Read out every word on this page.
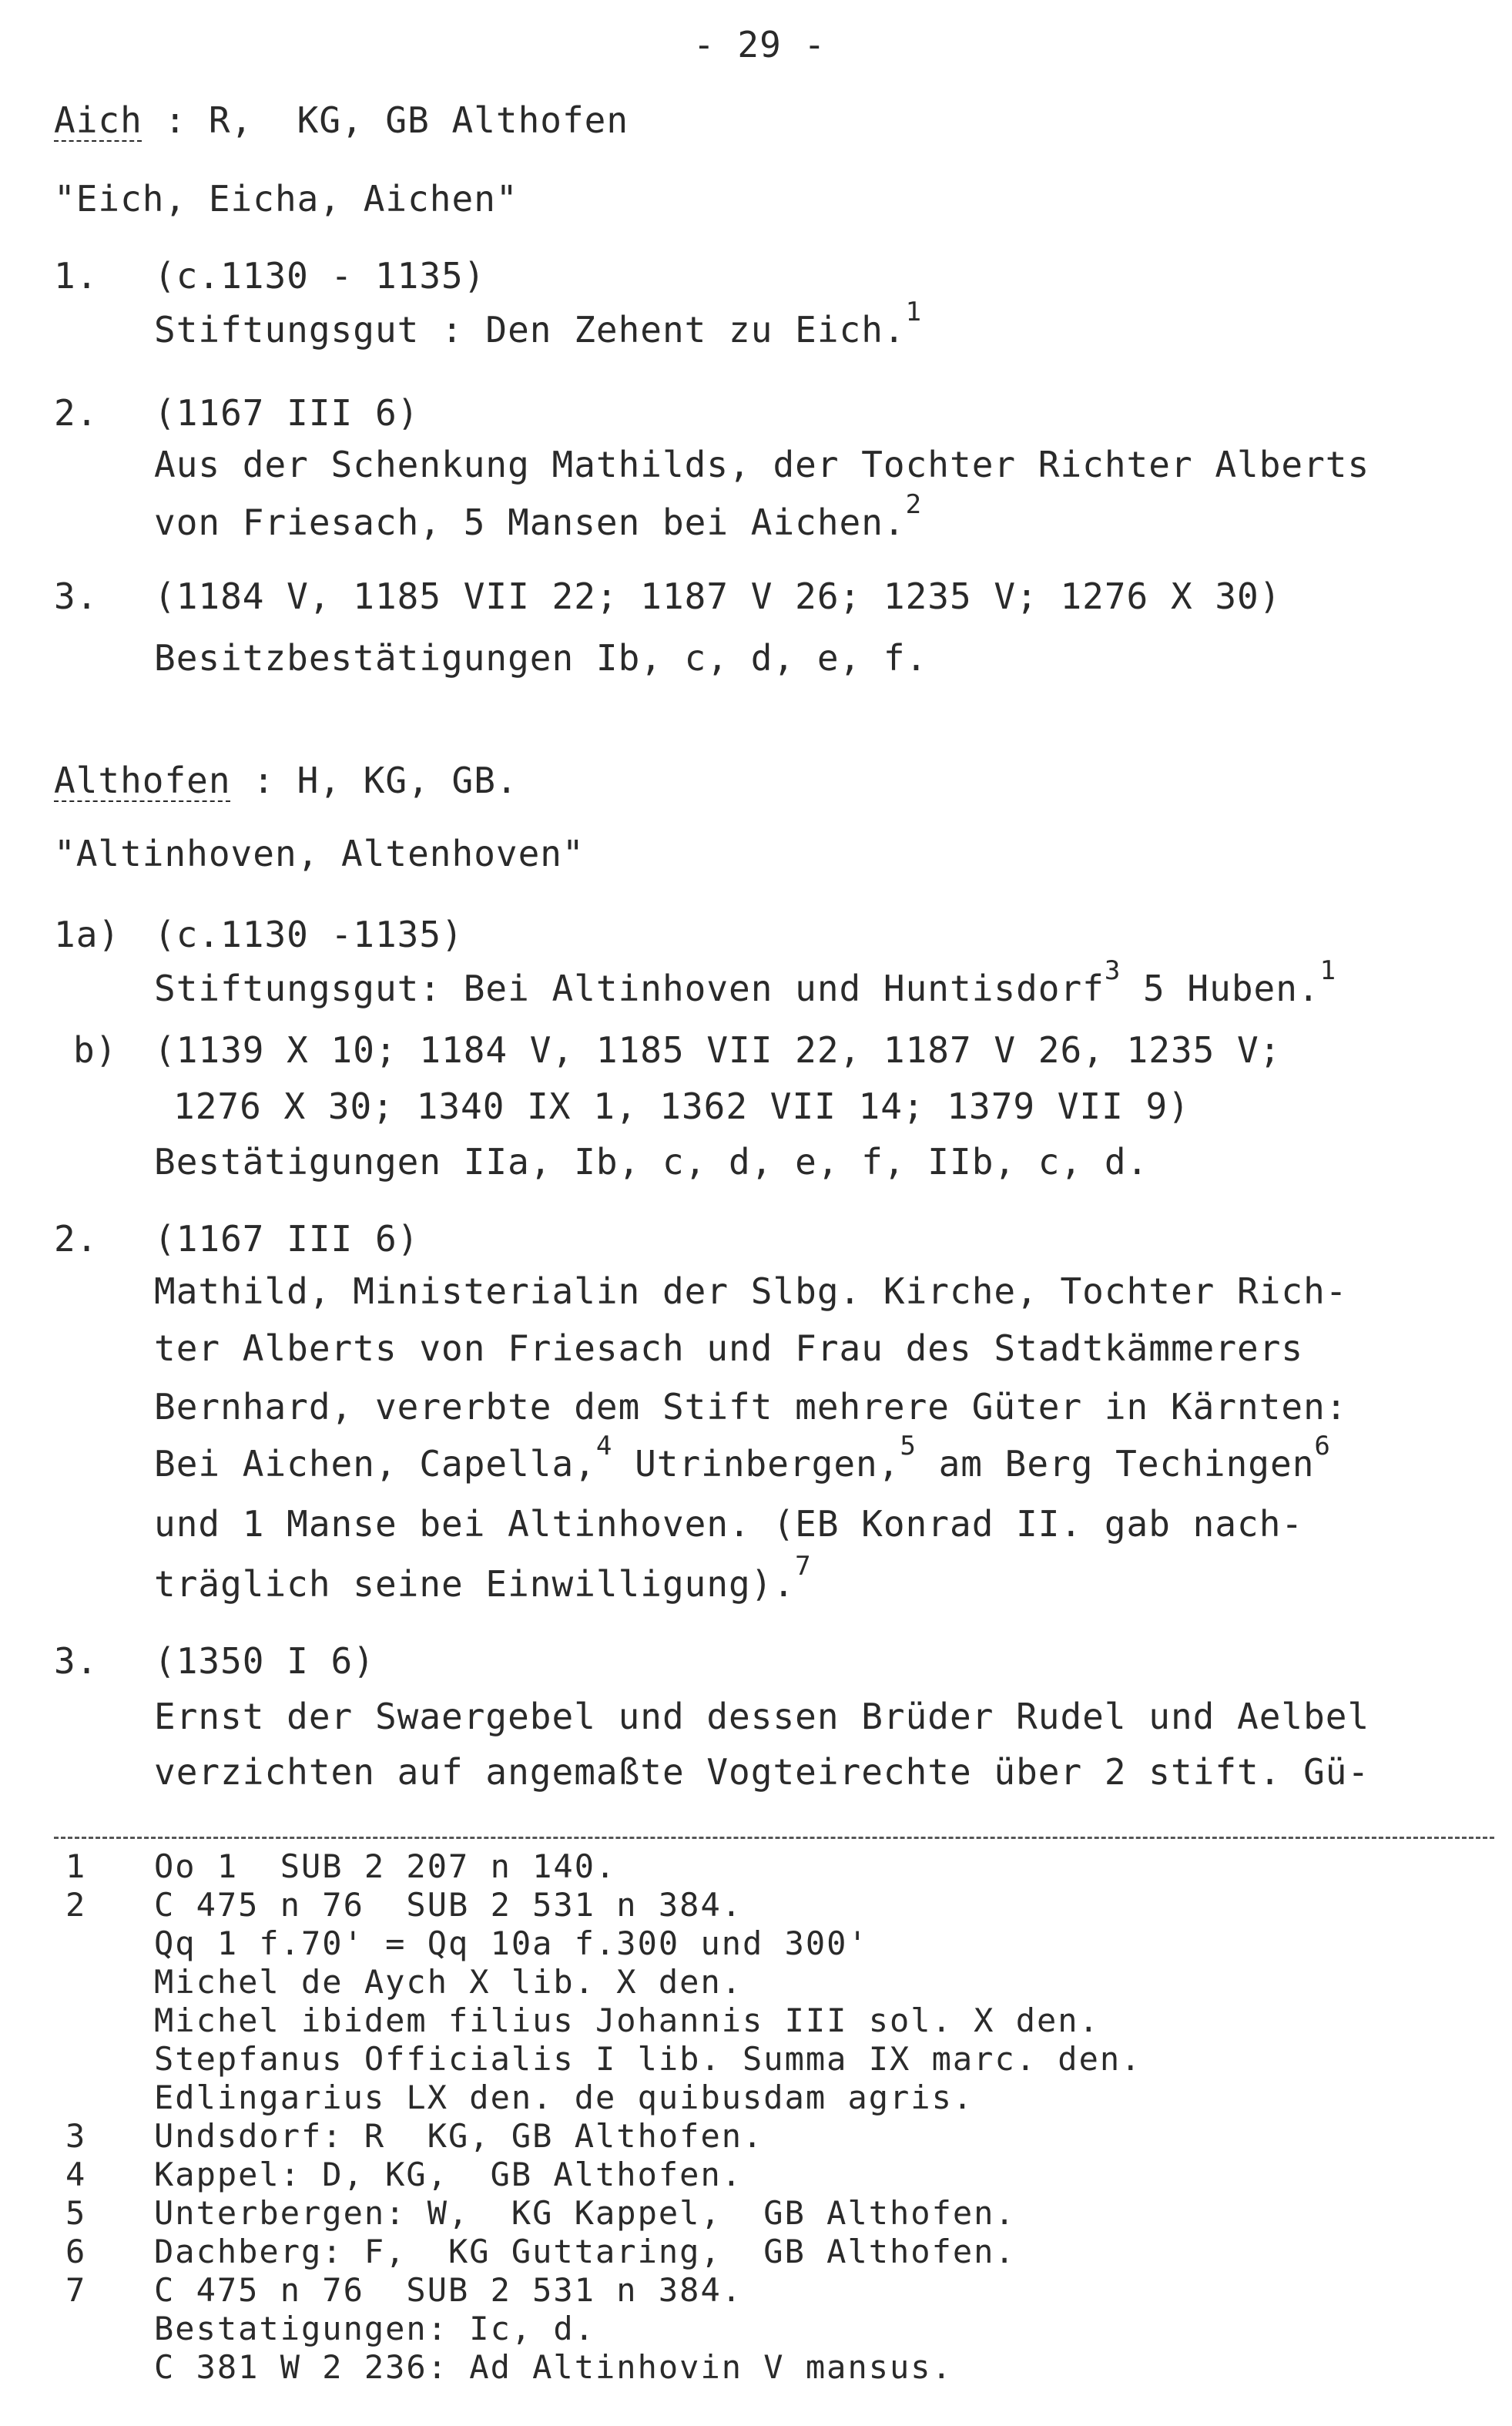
- 29 -
Aich : R,  KG, GB Althofen
"Eich, Eicha, Aichen"
1. (c.1130 - 1135)
Stiftungsgut : Den Zehent zu Eich.$^1$
2. (1167 III 6)
Aus der Schenkung Mathilds, der Tochter Richter Alberts
von Friesach, 5 Mansen bei Aichen.$^2$
3. (1184 V, 1185 VII 22; 1187 V 26; 1235 V; 1276 X 30)
Besitzbestätigungen Ib, c, d, e, f.
Althofen : H, KG, GB.
"Altinhoven, Altenhoven"
1a) (c.1130 -1135)
Stiftungsgut: Bei Altinhoven und Huntisdorf$^3$ 5 Huben.$^1$
b) (1139 X 10; 1184 V, 1185 VII 22, 1187 V 26, 1235 V;
1276 X 30; 1340 IX 1, 1362 VII 14; 1379 VII 9)
Bestätigungen IIa, Ib, c, d, e, f, IIb, c, d.
2. (1167 III 6)
Mathild, Ministerialin der Slbg. Kirche, Tochter Rich-
ter Alberts von Friesach und Frau des Stadtkämmerers
Bernhard, vererbte dem Stift mehrere Güter in Kärnten:
Bei Aichen, Capella,$^4$ Utrinbergen,$^5$ am Berg Techingen$^6$
und 1 Manse bei Altinhoven. (EB Konrad II. gab nach-
träglich seine Einwilligung).$^7$
3. (1350 I 6)
Ernst der Swaergebel und dessen Brüder Rudel und Aelbel
verzichten auf angemaßte Vogteirechte über 2 stift. Gü-
1 Oo 1  SUB 2 207 n 140.
2 C 475 n 76  SUB 2 531 n 384.
Qq 1 f.70' = Qq 10a f.300 und 300'
Michel de Aych X lib. X den.
Michel ibidem filius Johannis III sol. X den.
Stepfanus Officialis I lib. Summa IX marc. den.
Edlingarius LX den. de quibusdam agris.
3 Undsdorf: R  KG, GB Althofen.
4 Kappel: D, KG,  GB Althofen.
5 Unterbergen: W,  KG Kappel,  GB Althofen.
6 Dachberg: F,  KG Guttaring,  GB Althofen.
7 C 475 n 76  SUB 2 531 n 384.
Bestatigungen: Ic, d.
C 381 W 2 236: Ad Altinhovin V mansus.
